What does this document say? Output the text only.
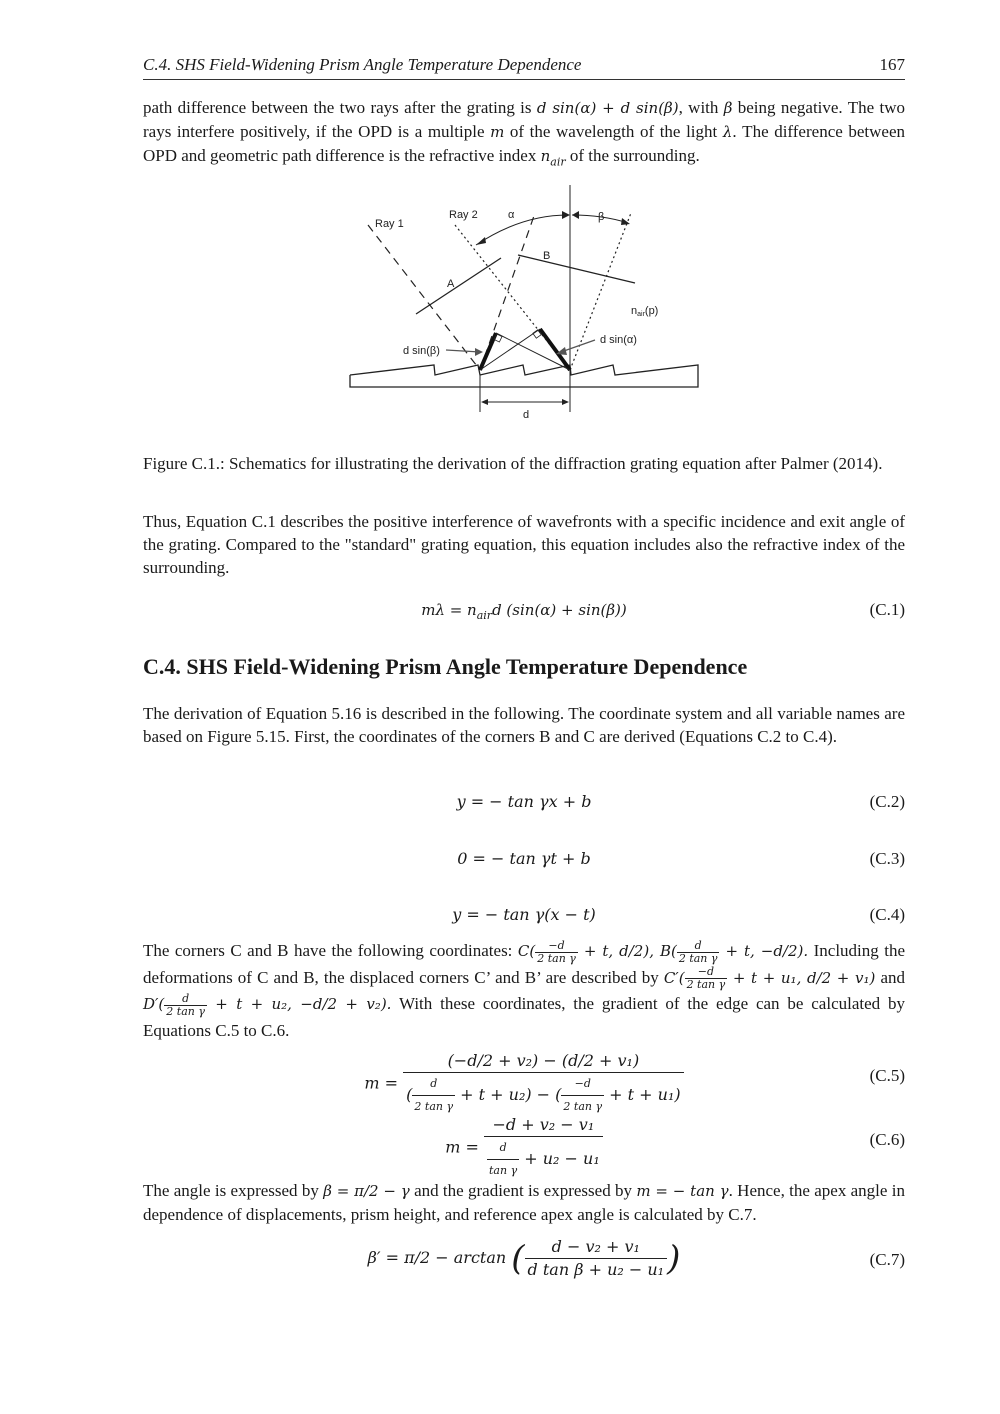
C.4. SHS Field-Widening Prism Angle Temperature Dependence	167

path difference between the two rays after the grating is d sin(α) + d sin(β), with β being negative. The two rays interfere positively, if the OPD is a multiple m of the wavelength of the light λ. The difference between OPD and geometric path difference is the refractive index $n_{air}$ of the surrounding.

Ray 1
Ray 2	α	β
A
B
nair(p)
d sin(β)
d sin(α)
d

Figure C.1.: Schematics for illustrating the derivation of the diffraction grating equation after Palmer (2014).

Thus, Equation C.1 describes the positive interference of wavefronts with a specific incidence and exit angle of the grating. Compared to the "standard" grating equation, this equation includes also the refractive index of the surrounding.

$m\lambda = n_{air}d$ (sin(α) + sin(β))	(C.1)
C.4. SHS Field-Widening Prism Angle Temperature Dependence

The derivation of Equation 5.16 is described in the following. The coordinate system and all variable names are based on Figure 5.15. First, the coordinates of the corners B and C are derived (Equations C.2 to C.4).

y = − tan γx + b	(C.2)
0 = − tan γt + b	(C.3)
y = − tan γ(x − t)	(C.4)

The corners C and B have the following coordinates: $C( \frac{-d}{\text{2 tan γ}} + t$, d/2), $B( \frac{d}{\text{2 tan γ}} + t$, −d/2). Including the deformations of C and B, the displaced corners C’ and B’ are described by $C'( \frac{-d}{\text{2 tan γ}} + t + u_1$, d/2 + v₁) and $D'( \frac{d}{\text{2 tan γ}} + t + u_2$, −d/2 + v₂). With these coordinates, the gradient of the edge can be calculated by Equations C.5 to C.6.

$m = \frac{\text{(−d/2 + v₂) − (d/2 + v₁)}}{( \frac{d}{\text{2 tan γ}} + t + u_2) - ( \frac{-d}{\text{2 tan γ}} + t + u_1)}$	(C.5)
$m = \frac{\text{−d + v₂ − v₁}}{\frac{d}{\text{tan γ}} + u_2 - u_1}$	(C.6)

The angle is expressed by β = π/2 − γ and the gradient is expressed by m = − tan γ. Hence, the apex angle in dependence of displacements, prism height, and reference apex angle is calculated by C.7.

β′ = π/2 − arctan ( $\frac{\text{d − v₂ + v₁}}{\text{d tan β + u₂ − u₁}}$ )	(C.7)
